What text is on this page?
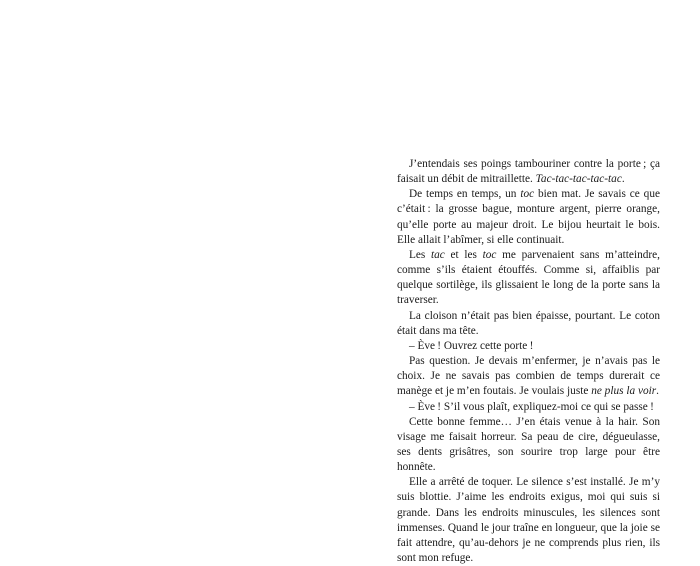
J’entendais ses poings tambouriner contre la porte ; ça faisait un débit de mitraillette. Tac-tac-tac-tac-tac.

De temps en temps, un toc bien mat. Je savais ce que c’était : la grosse bague, monture argent, pierre orange, qu’elle porte au majeur droit. Le bijou heurtait le bois. Elle allait l’abîmer, si elle continuait.

Les tac et les toc me parvenaient sans m’atteindre, comme s’ils étaient étouffés. Comme si, affaiblis par quelque sortilège, ils glissaient le long de la porte sans la traverser.

La cloison n’était pas bien épaisse, pourtant. Le coton était dans ma tête.

– Ève ! Ouvrez cette porte !

Pas question. Je devais m’enfermer, je n’avais pas le choix. Je ne savais pas combien de temps durerait ce manège et je m’en foutais. Je voulais juste ne plus la voir.

– Ève ! S’il vous plaît, expliquez-moi ce qui se passe !

Cette bonne femme… J’en étais venue à la hair. Son visage me faisait horreur. Sa peau de cire, dégueulasse, ses dents grisâtres, son sourire trop large pour être honnête.

Elle a arrêté de toquer. Le silence s’est installé. Je m’y suis blottie. J’aime les endroits exigus, moi qui suis si grande. Dans les endroits minuscules, les silences sont immenses. Quand le jour traîne en longueur, que la joie se fait attendre, qu’au-dehors je ne comprends plus rien, ils sont mon refuge.
